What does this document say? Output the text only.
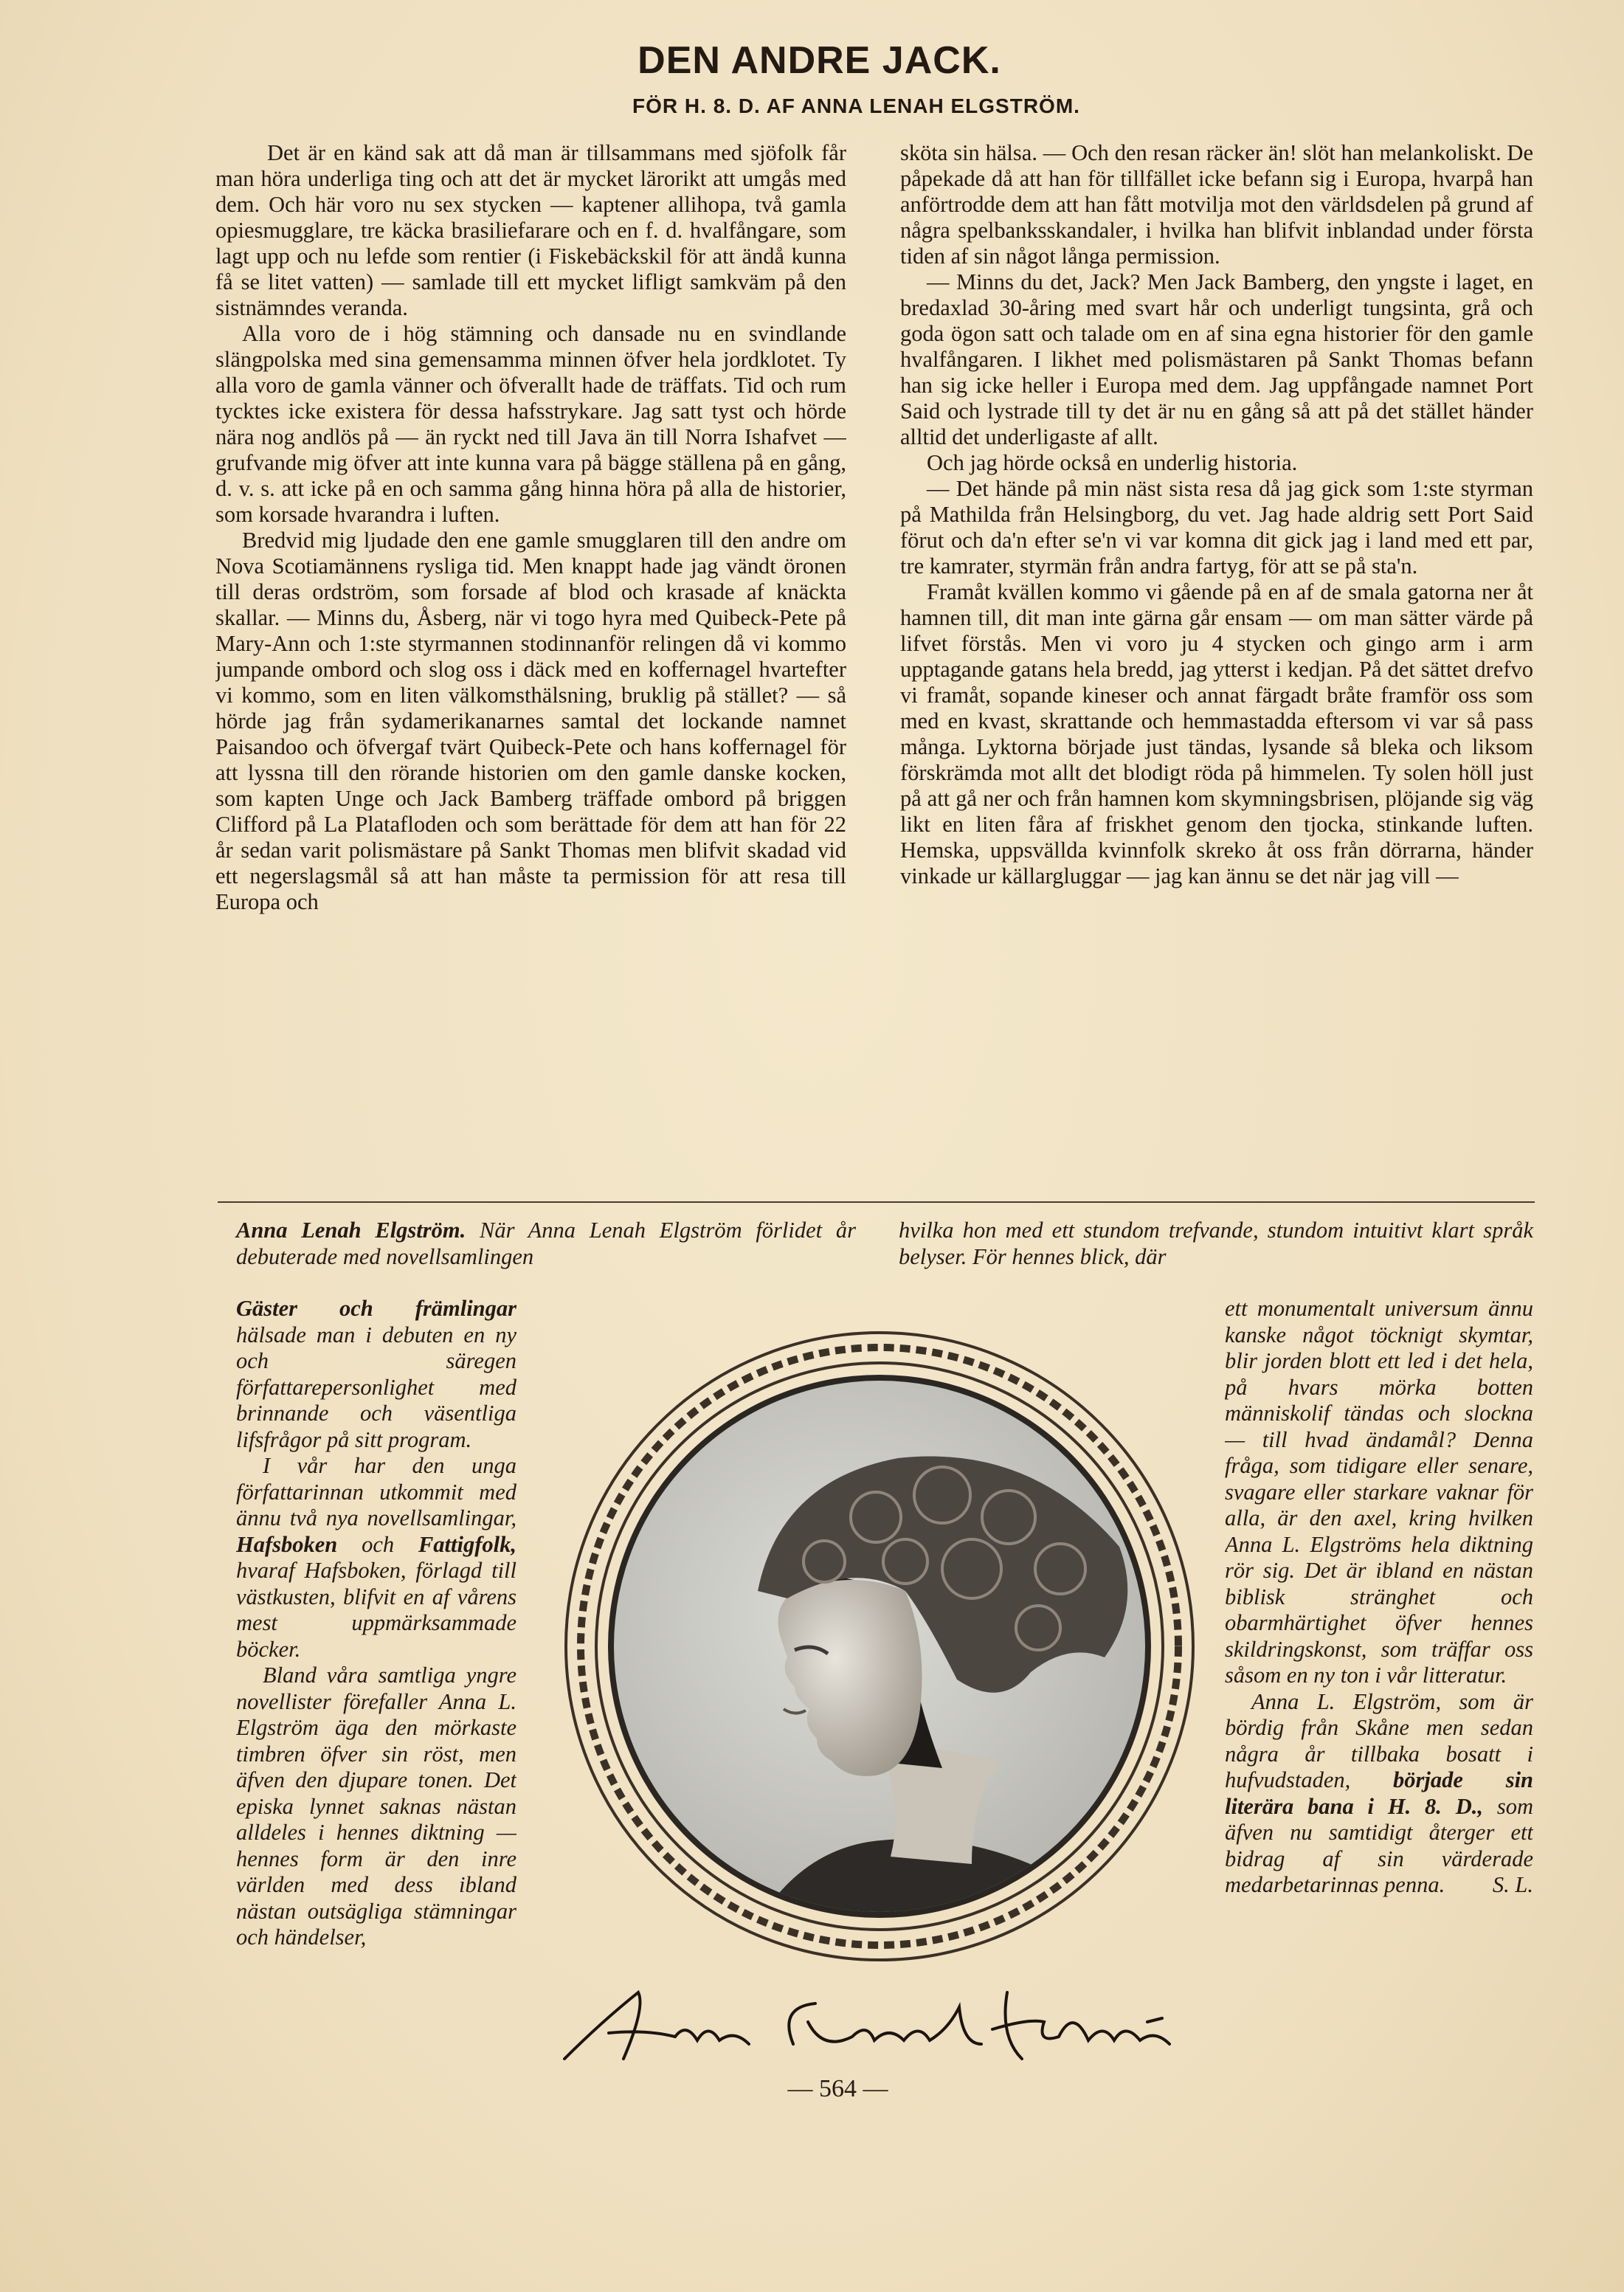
DEN ANDRE JACK.

FÖR H. 8. D. AF ANNA LENAH ELGSTRÖM.

Det är en känd sak att då man är tillsammans med sjöfolk får man höra underliga ting och att det är mycket lärorikt att umgås med dem. Och här voro nu sex stycken — kaptener allihopa, två gamla opiesmugglare, tre käcka brasiliefarare och en f. d. hvalfångare, som lagt upp och nu lefde som rentier (i Fiskebäckskil för att ändå kunna få se litet vatten) — samlade till ett mycket lifligt samkväm på den sistnämndes veranda.

Alla voro de i hög stämning och dansade nu en svindlande slängpolska med sina gemensamma minnen öfver hela jordklotet. Ty alla voro de gamla vänner och öfverallt hade de träffats. Tid och rum tycktes icke existera för dessa hafsstrykare. Jag satt tyst och hörde nära nog andlös på — än ryckt ned till Java än till Norra Ishafvet — grufvande mig öfver att inte kunna vara på bägge ställena på en gång, d. v. s. att icke på en och samma gång hinna höra på alla de historier, som korsade hvarandra i luften.

Bredvid mig ljudade den ene gamle smugglaren till den andre om Nova Scotiamännens rysliga tid. Men knappt hade jag vändt öronen till deras ordström, som forsade af blod och krasade af knäckta skallar. — Minns du, Åsberg, när vi togo hyra med Quibeck-Pete på Mary-Ann och 1:ste styrmannen stodinnanför relingen då vi kommo jumpande ombord och slog oss i däck med en koffernagel hvartefter vi kommo, som en liten välkomsthälsning, bruklig på stället? — så hörde jag från sydamerikanarnes samtal det lockande namnet Paisandoo och öfvergaf tvärt Quibeck-Pete och hans koffernagel för att lyssna till den rörande historien om den gamle danske kocken, som kapten Unge och Jack Bamberg träffade ombord på briggen Clifford på La Platafloden och som berättade för dem att han för 22 år sedan varit polismästare på Sankt Thomas men blifvit skadad vid ett negerslagsmål så att han måste ta permission för att resa till Europa och

sköta sin hälsa. — Och den resan räcker än! slöt han melankoliskt. De påpekade då att han för tillfället icke befann sig i Europa, hvarpå han anförtrodde dem att han fått motvilja mot den världsdelen på grund af några spelbanksskandaler, i hvilka han blifvit inblandad under första tiden af sin något långa permission.

— Minns du det, Jack? Men Jack Bamberg, den yngste i laget, en bredaxlad 30-åring med svart hår och underligt tungsinta, grå och goda ögon satt och talade om en af sina egna historier för den gamle hvalfångaren. I likhet med polismästaren på Sankt Thomas befann han sig icke heller i Europa med dem. Jag uppfångade namnet Port Said och lystrade till ty det är nu en gång så att på det stället händer alltid det underligaste af allt.

Och jag hörde också en underlig historia.

— Det hände på min näst sista resa då jag gick som 1:ste styrman på Mathilda från Helsingborg, du vet. Jag hade aldrig sett Port Said förut och da'n efter se'n vi var komna dit gick jag i land med ett par, tre kamrater, styrmän från andra fartyg, för att se på sta'n.

Framåt kvällen kommo vi gående på en af de smala gatorna ner åt hamnen till, dit man inte gärna går ensam — om man sätter värde på lifvet förstås. Men vi voro ju 4 stycken och gingo arm i arm upptagande gatans hela bredd, jag ytterst i kedjan. På det sättet drefvo vi framåt, sopande kineser och annat färgadt bråte framför oss som med en kvast, skrattande och hemmastadda eftersom vi var så pass många. Lyktorna började just tändas, lysande så bleka och liksom förskrämda mot allt det blodigt röda på himmelen. Ty solen höll just på att gå ner och från hamnen kom skymningsbrisen, plöjande sig väg likt en liten fåra af friskhet genom den tjocka, stinkande luften. Hemska, uppsvällda kvinnfolk skreko åt oss från dörrarna, händer vinkade ur källargluggar — jag kan ännu se det när jag vill —

Anna Lenah Elgström. När Anna Lenah Elgström förlidet år debuterade med novellsamlingen

Gäster och främlingar hälsade man i debuten en ny och säregen författarepersonlighet med brinnande och väsentliga lifsfrågor på sitt program.

I vår har den unga författarinnan utkommit med ännu två nya novellsamlingar, Hafsboken och Fattigfolk, hvaraf Hafsboken, förlagd till västkusten, blifvit en af vårens mest uppmärksammade böcker.

Bland våra samtliga yngre novellister förefaller Anna L. Elgström äga den mörkaste timbren öfver sin röst, men äfven den djupare tonen. Det episka lynnet saknas nästan alldeles i hennes diktning — hennes form är den inre världen med dess ibland nästan outsägliga stämningar och händelser,

hvilka hon med ett stundom trefvande, stundom intuitivt klart språk belyser. För hennes blick, där

ett monumentalt universum ännu kanske något töcknigt skymtar, blir jorden blott ett led i det hela, på hvars mörka botten människolif tändas och slockna — till hvad ändamål? Denna fråga, som tidigare eller senare, svagare eller starkare vaknar för alla, är den axel, kring hvilken Anna L. Elgströms hela diktning rör sig. Det är ibland en nästan biblisk stränghet och obarmhärtighet öfver hennes skildringskonst, som träffar oss såsom en ny ton i vår litteratur.

Anna L. Elgström, som är bördig från Skåne men sedan några år tillbaka bosatt i hufvudstaden, började sin literära bana i H. 8. D., som äfven nu samtidigt återger ett bidrag af sin värderade medarbetarinnas penna.	S. L.

— 564 —
